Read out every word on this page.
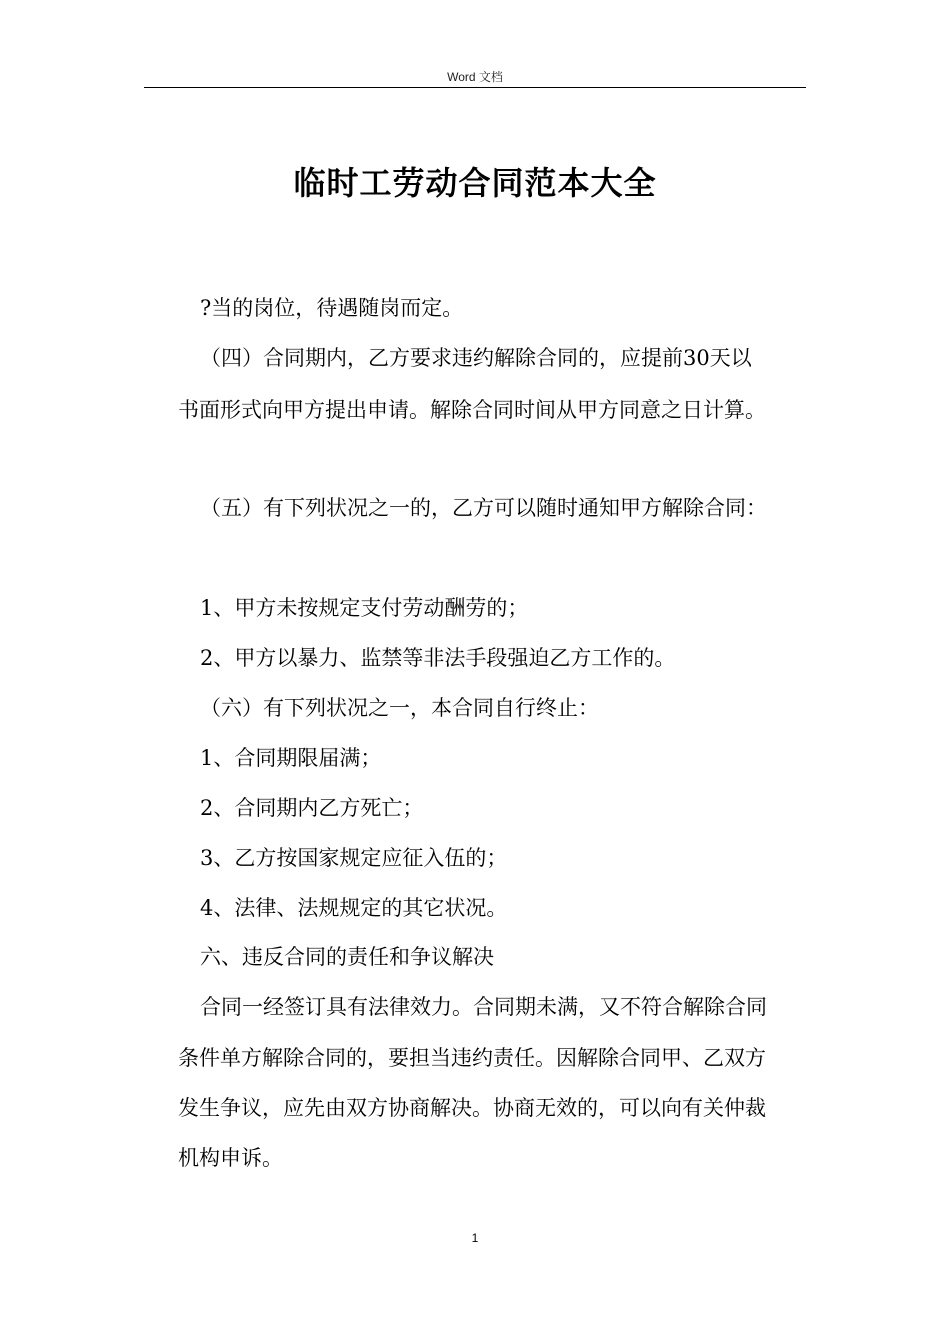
Word 文档
临时工劳动合同范本大全
?当的岗位，待遇随岗而定。
（四）合同期内，乙方要求违约解除合同的，应提前30天以
书面形式向甲方提出申请。解除合同时间从甲方同意之日计算。
（五）有下列状况之一的，乙方可以随时通知甲方解除合同：
1、甲方未按规定支付劳动酬劳的；
2、甲方以暴力、监禁等非法手段强迫乙方工作的。
（六）有下列状况之一，本合同自行终止：
1、合同期限届满；
2、合同期内乙方死亡；
3、乙方按国家规定应征入伍的；
4、法律、法规规定的其它状况。
六、违反合同的责任和争议解决
合同一经签订具有法律效力。合同期未满，又不符合解除合同
条件单方解除合同的，要担当违约责任。因解除合同甲、乙双方
发生争议，应先由双方协商解决。协商无效的，可以向有关仲裁
机构申诉。
1
